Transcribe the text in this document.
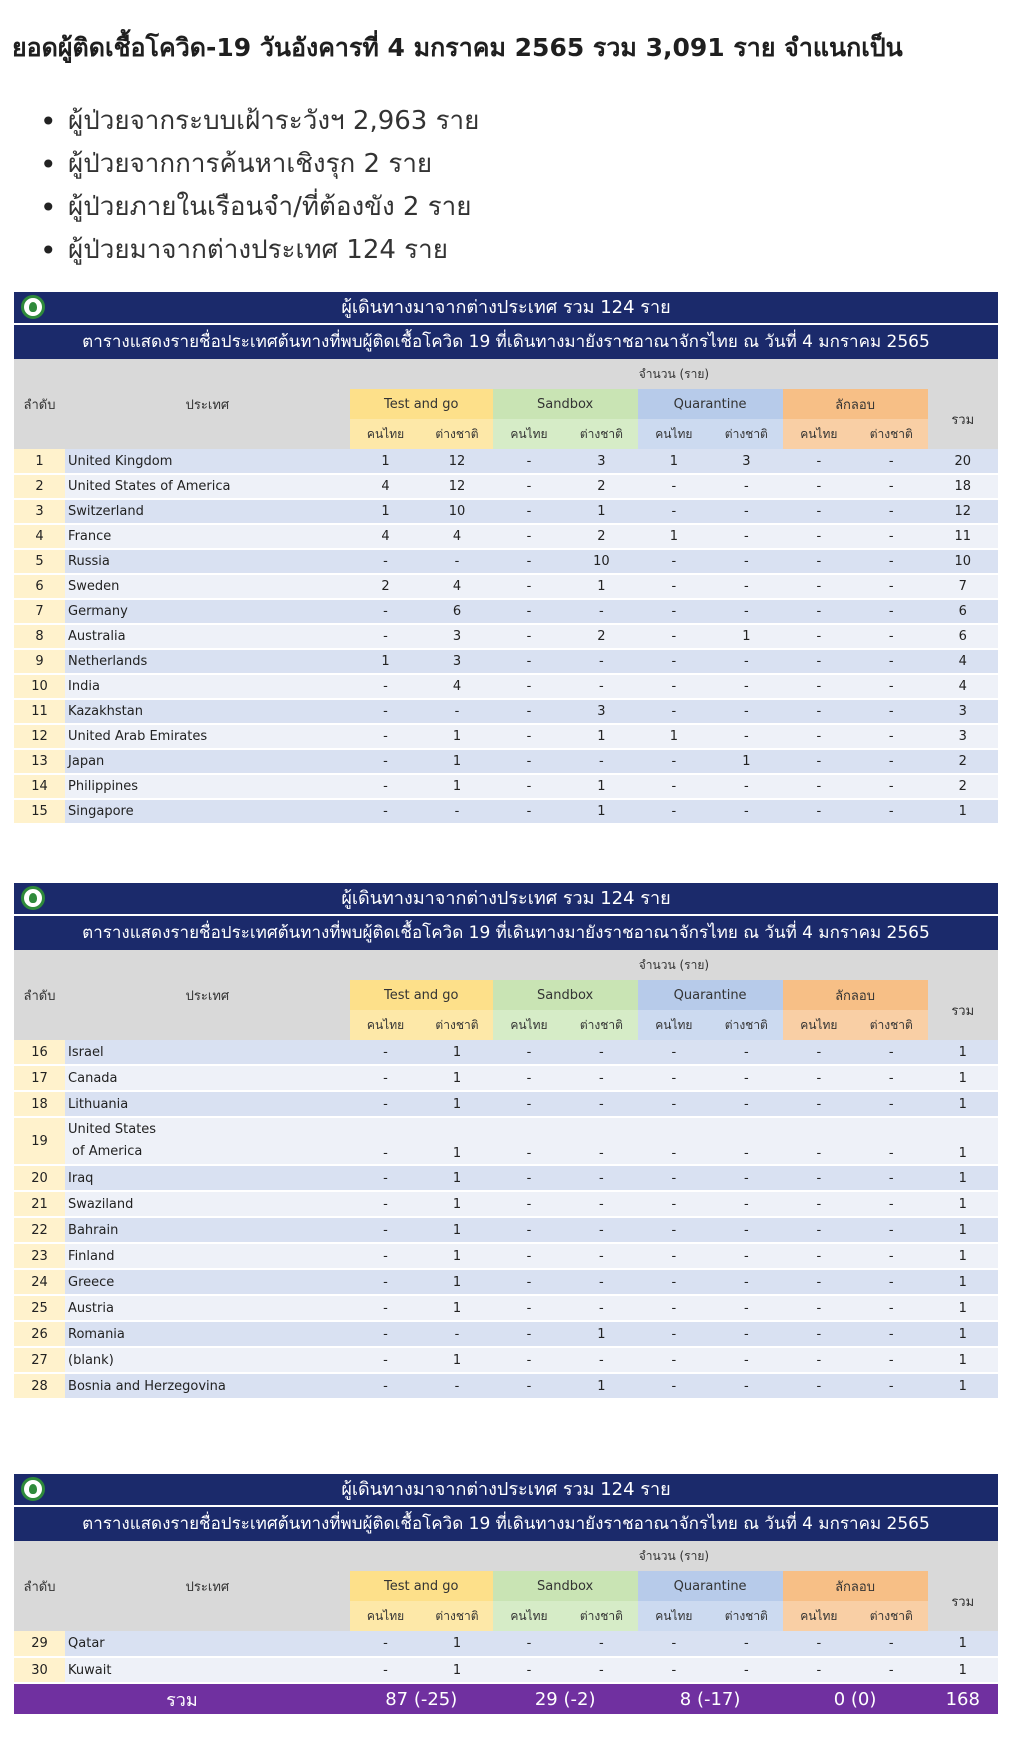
ยอดผู้ติดเชื้อโควิด-19 วันอังคารที่ 4 มกราคม 2565 รวม 3,091 ราย จำแนกเป็น
• ผู้ป่วยจากระบบเฝ้าระวังฯ 2,963 ราย
• ผู้ป่วยจากการค้นหาเชิงรุก 2 ราย
• ผู้ป่วยภายในเรือนจำ/ที่ต้องขัง 2 ราย
• ผู้ป่วยมาจากต่างประเทศ 124 ราย
ผู้เดินทางมาจากต่างประเทศ รวม 124 ราย
ตารางแสดงรายชื่อประเทศต้นทางที่พบผู้ติดเชื้อโควิด 19 ที่เดินทางมายังราชอาณาจักรไทย ณ วันที่ 4 มกราคม 2565
ลำดับ	ประเทศ	จำนวน (ราย)								
		Test and go		Sandbox		Quarantine		ลักลอบ		รวม
		คนไทย	ต่างชาติ	คนไทย	ต่างชาติ	คนไทย	ต่างชาติ	คนไทย	ต่างชาติ	
1	United Kingdom	1	12	-	3	1	3	-	-	20
2	United States of America	4	12	-	2	-	-	-	-	18
3	Switzerland	1	10	-	1	-	-	-	-	12
4	France	4	4	-	2	1	-	-	-	11
5	Russia	-	-	-	10	-	-	-	-	10
6	Sweden	2	4	-	1	-	-	-	-	7
7	Germany	-	6	-	-	-	-	-	-	6
8	Australia	-	3	-	2	-	1	-	-	6
9	Netherlands	1	3	-	-	-	-	-	-	4
10	India	-	4	-	-	-	-	-	-	4
11	Kazakhstan	-	-	-	3	-	-	-	-	3
12	United Arab Emirates	-	1	-	1	1	-	-	-	3
13	Japan	-	1	-	-	-	1	-	-	2
14	Philippines	-	1	-	1	-	-	-	-	2
15	Singapore	-	-	-	1	-	-	-	-	1
ผู้เดินทางมาจากต่างประเทศ รวม 124 ราย
ตารางแสดงรายชื่อประเทศต้นทางที่พบผู้ติดเชื้อโควิด 19 ที่เดินทางมายังราชอาณาจักรไทย ณ วันที่ 4 มกราคม 2565
ลำดับ	ประเทศ	จำนวน (ราย)								
		Test and go		Sandbox		Quarantine		ลักลอบ		รวม
		คนไทย	ต่างชาติ	คนไทย	ต่างชาติ	คนไทย	ต่างชาติ	คนไทย	ต่างชาติ	
16	Israel	-	1	-	-	-	-	-	-	1
17	Canada	-	1	-	-	-	-	-	-	1
18	Lithuania	-	1	-	-	-	-	-	-	1
19	United States
of America	-	1	-	-	-	-	-	-	1
20	Iraq	-	1	-	-	-	-	-	-	1
21	Swaziland	-	1	-	-	-	-	-	-	1
22	Bahrain	-	1	-	-	-	-	-	-	1
23	Finland	-	1	-	-	-	-	-	-	1
24	Greece	-	1	-	-	-	-	-	-	1
25	Austria	-	1	-	-	-	-	-	-	1
26	Romania	-	-	-	1	-	-	-	-	1
27	(blank)	-	1	-	-	-	-	-	-	1
28	Bosnia and Herzegovina	-	-	-	1	-	-	-	-	1
ผู้เดินทางมาจากต่างประเทศ รวม 124 ราย
ตารางแสดงรายชื่อประเทศต้นทางที่พบผู้ติดเชื้อโควิด 19 ที่เดินทางมายังราชอาณาจักรไทย ณ วันที่ 4 มกราคม 2565
ลำดับ	ประเทศ	จำนวน (ราย)								
		Test and go		Sandbox		Quarantine		ลักลอบ		รวม
		คนไทย	ต่างชาติ	คนไทย	ต่างชาติ	คนไทย	ต่างชาติ	คนไทย	ต่างชาติ	
29	Qatar	-	1	-	-	-	-	-	-	1
30	Kuwait	-	1	-	-	-	-	-	-	1
รวม		87 (-25)		29 (-2)		8 (-17)		0 (0)		168
